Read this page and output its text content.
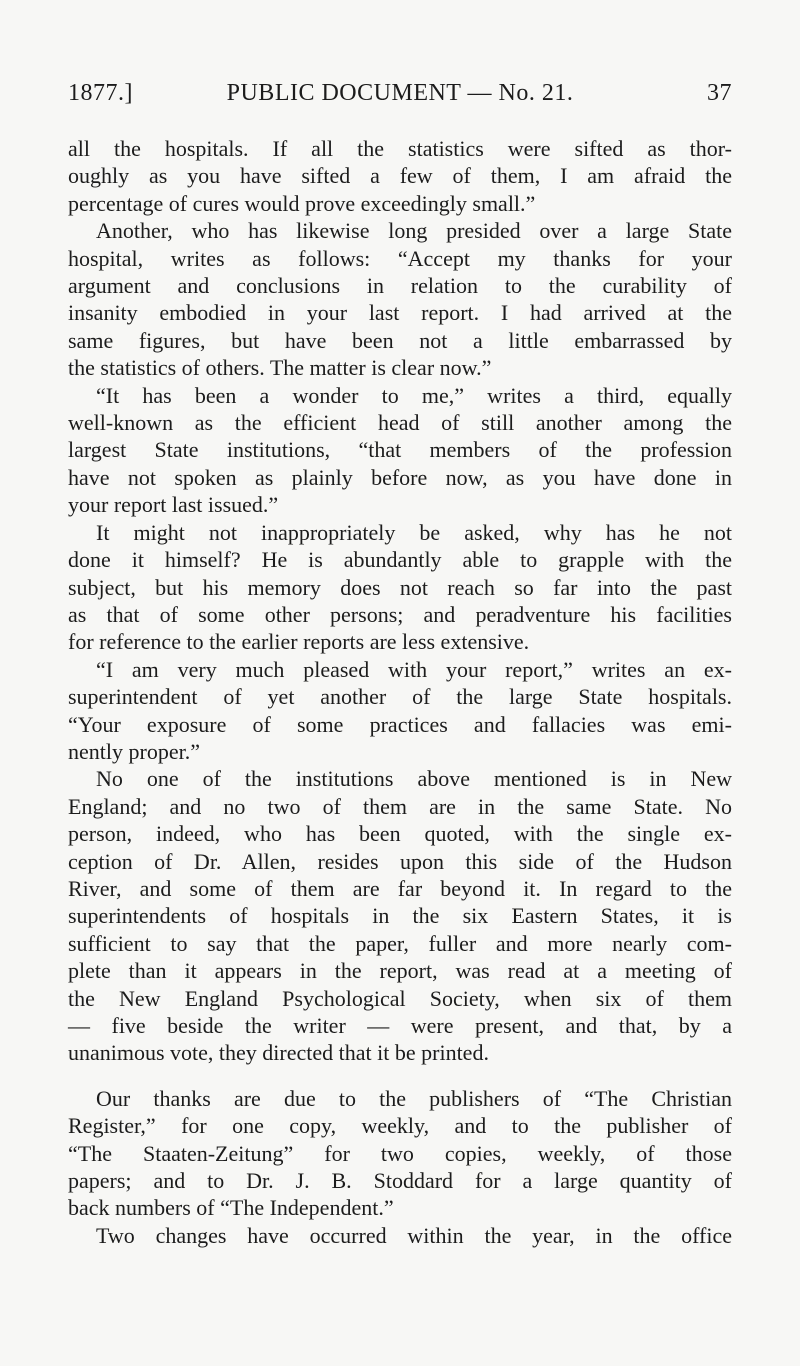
1877.]	PUBLIC DOCUMENT — No. 21.	37
all the hospitals. If all the statistics were sifted as thor-
oughly as you have sifted a few of them, I am afraid the
percentage of cures would prove exceedingly small.”
Another, who has likewise long presided over a large State
hospital, writes as follows: “Accept my thanks for your
argument and conclusions in relation to the curability of
insanity embodied in your last report. I had arrived at the
same figures, but have been not a little embarrassed by
the statistics of others. The matter is clear now.”
“It has been a wonder to me,” writes a third, equally
well-known as the efficient head of still another among the
largest State institutions, “that members of the profession
have not spoken as plainly before now, as you have done in
your report last issued.”
It might not inappropriately be asked, why has he not
done it himself? He is abundantly able to grapple with the
subject, but his memory does not reach so far into the past
as that of some other persons; and peradventure his facilities
for reference to the earlier reports are less extensive.
“I am very much pleased with your report,” writes an ex-
superintendent of yet another of the large State hospitals.
“Your exposure of some practices and fallacies was emi-
nently proper.”
No one of the institutions above mentioned is in New
England; and no two of them are in the same State. No
person, indeed, who has been quoted, with the single ex-
ception of Dr. Allen, resides upon this side of the Hudson
River, and some of them are far beyond it. In regard to the
superintendents of hospitals in the six Eastern States, it is
sufficient to say that the paper, fuller and more nearly com-
plete than it appears in the report, was read at a meeting of
the New England Psychological Society, when six of them
— five beside the writer — were present, and that, by a
unanimous vote, they directed that it be printed.
Our thanks are due to the publishers of “The Christian
Register,” for one copy, weekly, and to the publisher of
“The Staaten-Zeitung” for two copies, weekly, of those
papers; and to Dr. J. B. Stoddard for a large quantity of
back numbers of “The Independent.”
Two changes have occurred within the year, in the office
